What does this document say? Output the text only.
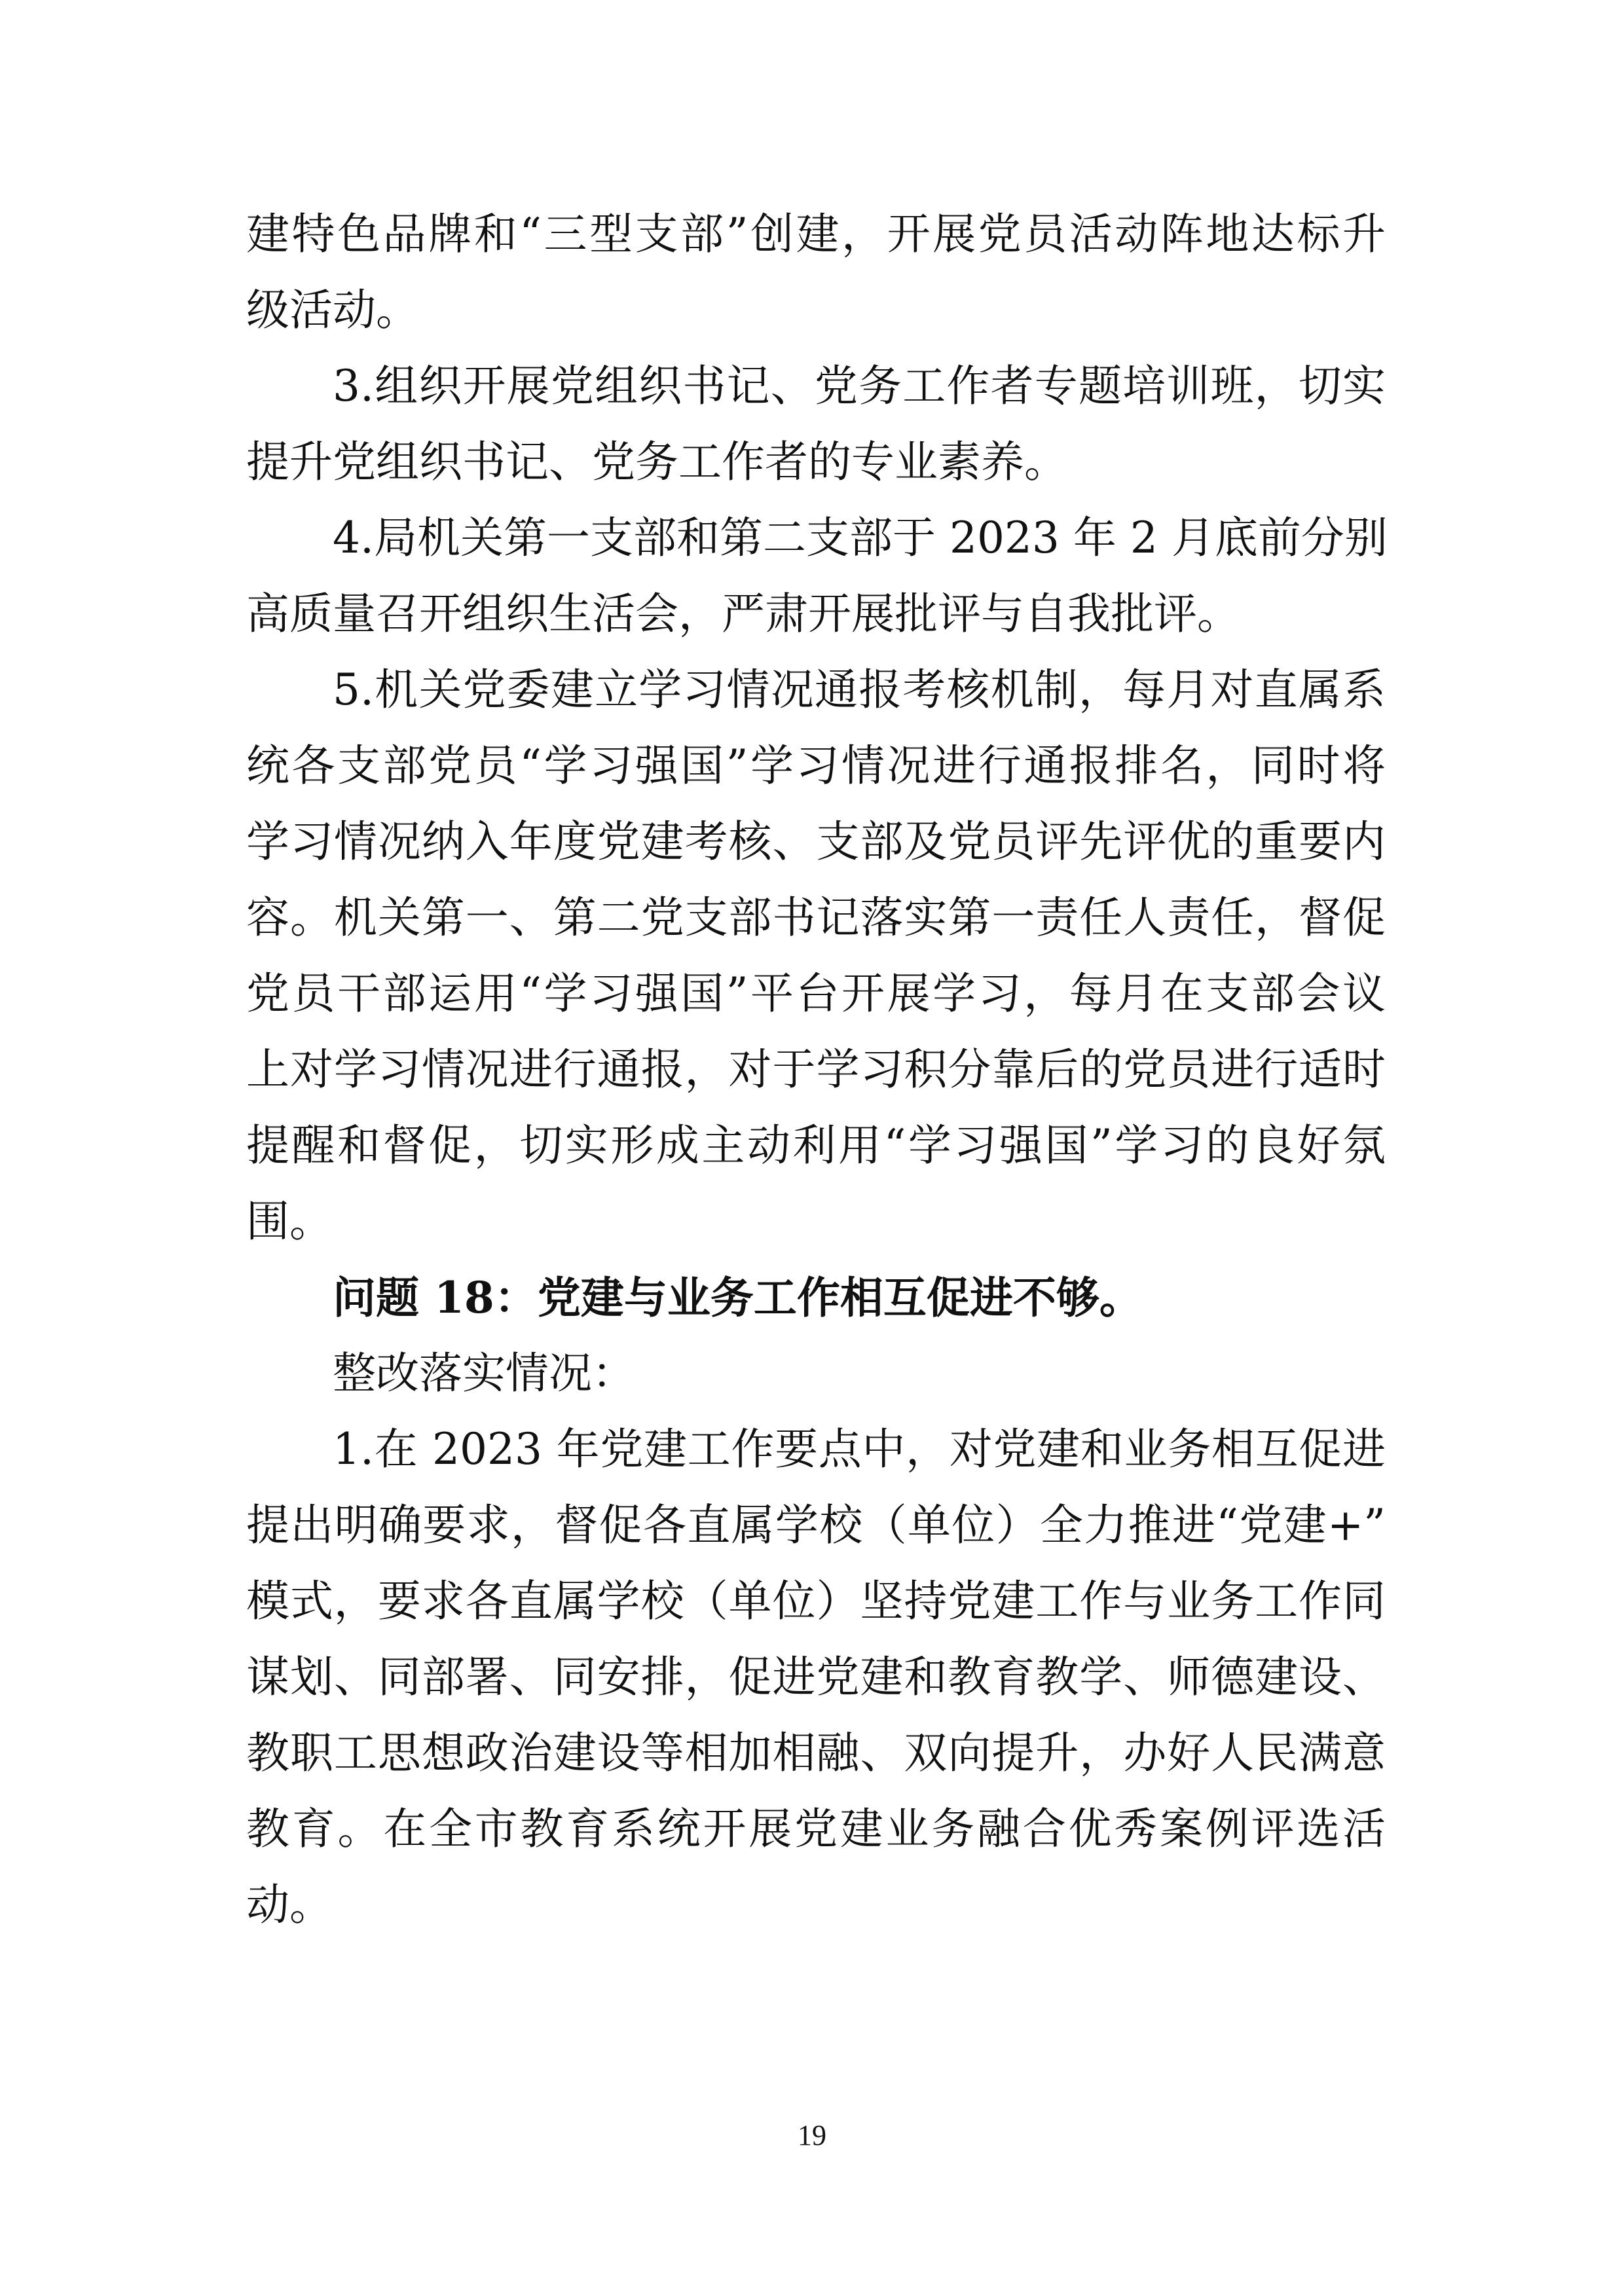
建特色品牌和“三型支部”创建，开展党员活动阵地达标升
级活动。
3.组织开展党组织书记、党务工作者专题培训班，切实
提升党组织书记、党务工作者的专业素养。
4.局机关第一支部和第二支部于 2023 年 2 月底前分别
高质量召开组织生活会，严肃开展批评与自我批评。
5.机关党委建立学习情况通报考核机制，每月对直属系
统各支部党员“学习强国”学习情况进行通报排名，同时将
学习情况纳入年度党建考核、支部及党员评先评优的重要内
容。机关第一、第二党支部书记落实第一责任人责任，督促
党员干部运用“学习强国”平台开展学习，每月在支部会议
上对学习情况进行通报，对于学习积分靠后的党员进行适时
提醒和督促，切实形成主动利用“学习强国”学习的良好氛
围。
问题 18：党建与业务工作相互促进不够。
整改落实情况：
1.在 2023 年党建工作要点中，对党建和业务相互促进
提出明确要求，督促各直属学校（单位）全力推进“党建+”
模式，要求各直属学校（单位）坚持党建工作与业务工作同
谋划、同部署、同安排，促进党建和教育教学、师德建设、
教职工思想政治建设等相加相融、双向提升，办好人民满意
教育。在全市教育系统开展党建业务融合优秀案例评选活
动。
19
